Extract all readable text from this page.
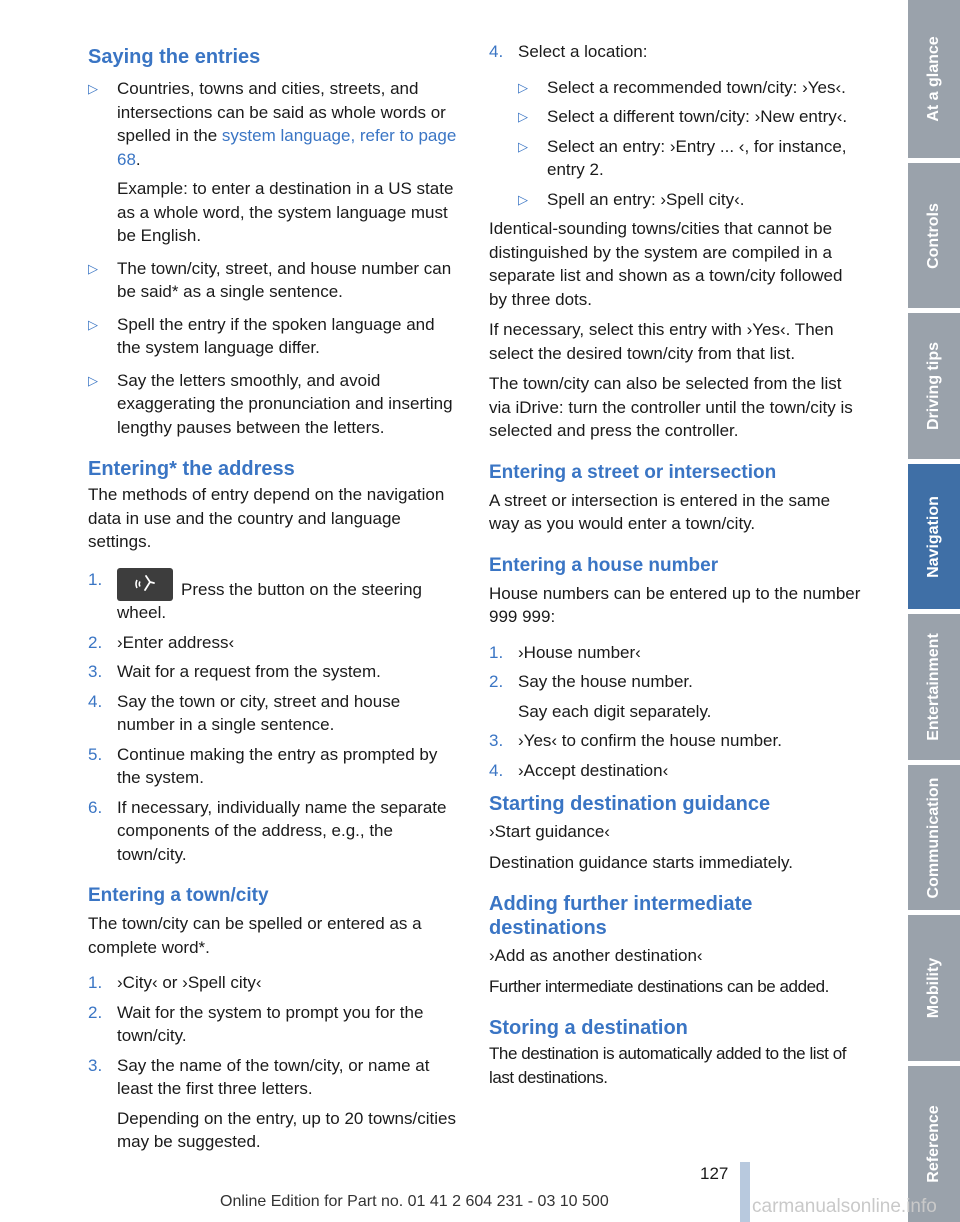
Saying the entries
▷ Countries, towns and cities, streets, and intersections can be said as whole words or spelled in the system language, refer to page 68.
Example: to enter a destination in a US state as a whole word, the system language must be English.
▷ The town/city, street, and house number can be said* as a single sentence.
▷ Spell the entry if the spoken language and the system language differ.
▷ Say the letters smoothly, and avoid exaggerating the pronunciation and inserting lengthy pauses between the letters.
Entering* the address
The methods of entry depend on the navigation data in use and the country and language settings.
1.
Press the button on the steering wheel.
2. ›Enter address‹
3. Wait for a request from the system.
4. Say the town or city, street and house number in a single sentence.
5. Continue making the entry as prompted by the system.
6. If necessary, individually name the separate components of the address, e.g., the town/city.
Entering a town/city
The town/city can be spelled or entered as a complete word*.
1. ›City‹ or ›Spell city‹
2. Wait for the system to prompt you for the town/city.
3. Say the name of the town/city, or name at least the first three letters.
Depending on the entry, up to 20 towns/cities may be suggested.
4. Select a location:
▷ Select a recommended town/city: ›Yes‹.
▷ Select a different town/city: ›New entry‹.
▷ Select an entry: ›Entry ... ‹, for instance, entry 2.
▷ Spell an entry: ›Spell city‹.
Identical-sounding towns/cities that cannot be distinguished by the system are compiled in a separate list and shown as a town/city followed by three dots.
If necessary, select this entry with ›Yes‹. Then select the desired town/city from that list.
The town/city can also be selected from the list via iDrive: turn the controller until the town/city is selected and press the controller.
Entering a street or intersection
A street or intersection is entered in the same way as you would enter a town/city.
Entering a house number
House numbers can be entered up to the number 999 999:
1. ›House number‹
2. Say the house number.
Say each digit separately.
3. ›Yes‹ to confirm the house number.
4. ›Accept destination‹
Starting destination guidance
›Start guidance‹
Destination guidance starts immediately.
Adding further intermediate destinations
›Add as another destination‹
Further intermediate destinations can be added.
Storing a destination
The destination is automatically added to the list of last destinations.
At a glance
Controls
Driving tips
Navigation
Entertainment
Communication
Mobility
Reference
127
Online Edition for Part no. 01 41 2 604 231 - 03 10 500	carmanualsonline.info
